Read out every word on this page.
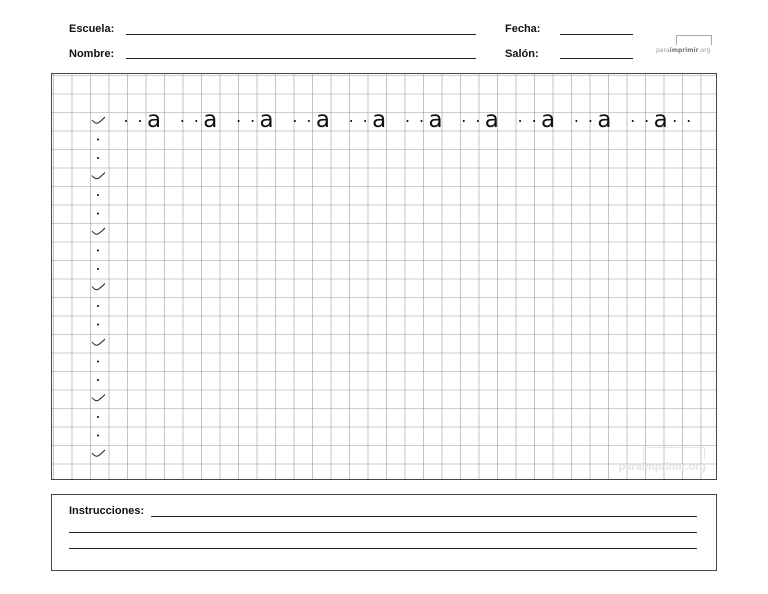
Escuela:	Fecha:
Nombre:	Salón:	paraimprimir.org
a a a a a a a a a a
paraimprimir.org
Instrucciones:
